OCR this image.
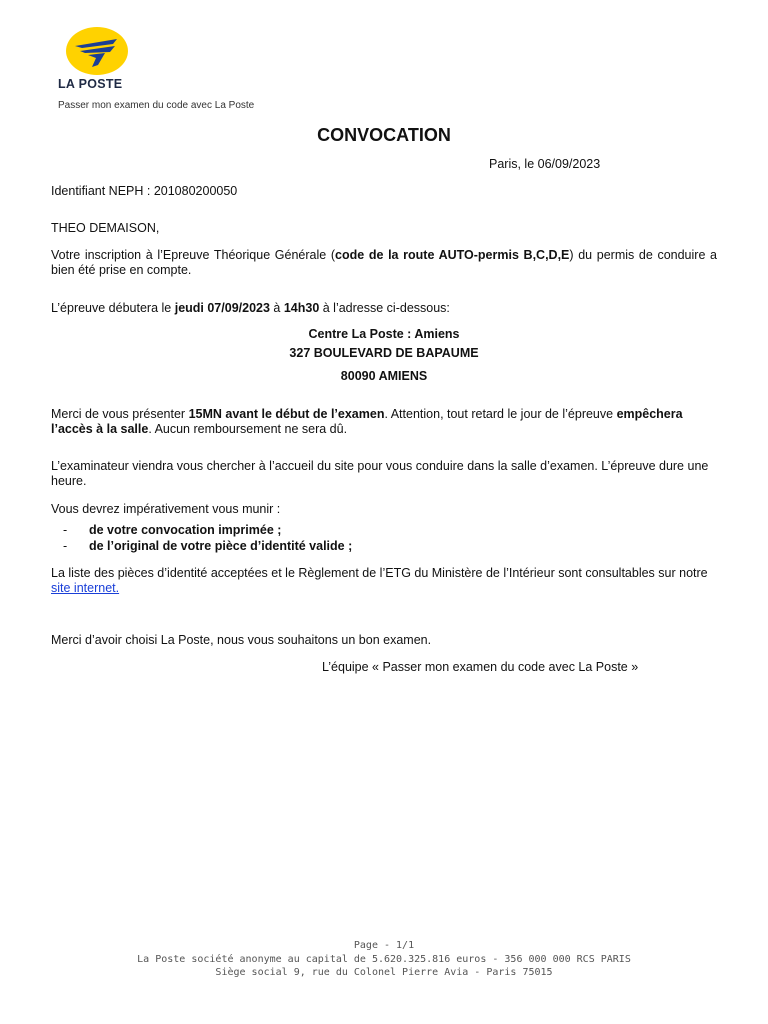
LA POSTE
Passer mon examen du code avec La Poste
CONVOCATION
Paris, le 06/09/2023
Identifiant NEPH : 201080200050
THEO DEMAISON,
Votre inscription à l’Epreuve Théorique Générale (code de la route AUTO-permis B,C,D,E) du permis de conduire a bien été prise en compte.
L’épreuve débutera le jeudi 07/09/2023 à 14h30 à l’adresse ci-dessous:
Centre La Poste : Amiens
327 BOULEVARD DE BAPAUME
80090 AMIENS
Merci de vous présenter 15MN avant le début de l’examen. Attention, tout retard le jour de l’épreuve empêchera l’accès à la salle. Aucun remboursement ne sera dû.
L’examinateur viendra vous chercher à l’accueil du site pour vous conduire dans la salle d’examen. L’épreuve dure une heure.
Vous devrez impérativement vous munir :
- de votre convocation imprimée ;
- de l’original de votre pièce d’identité valide ;
La liste des pièces d’identité acceptées et le Règlement de l’ETG du Ministère de l’Intérieur sont consultables sur notre site internet.
Merci d’avoir choisi La Poste, nous vous souhaitons un bon examen.
L’équipe « Passer mon examen du code avec La Poste »
Page - 1/1
La Poste société anonyme au capital de 5.620.325.816 euros - 356 000 000 RCS PARIS
Siège social 9, rue du Colonel Pierre Avia - Paris 75015
